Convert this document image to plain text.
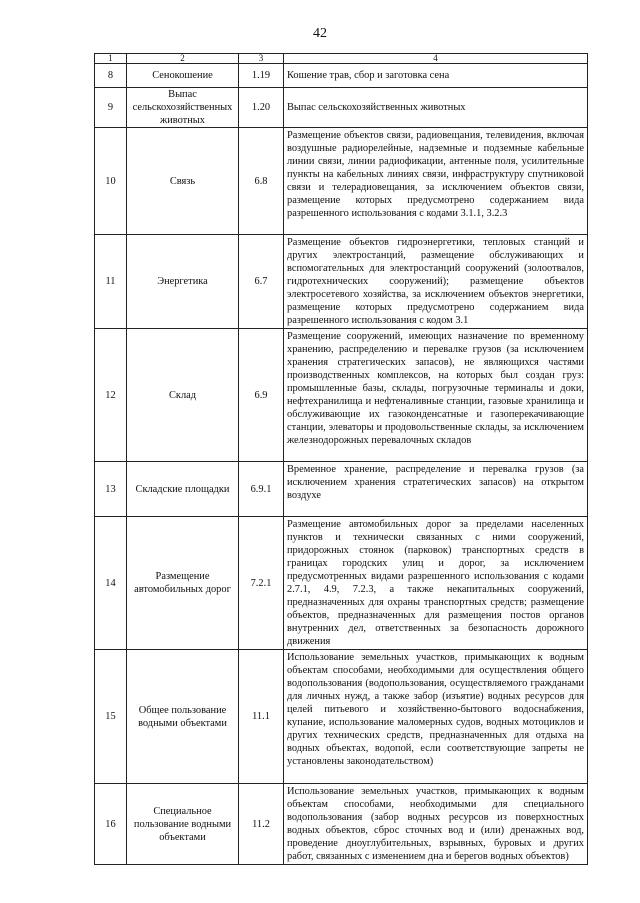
42
1	2	3	4
8	Сенокошение	1.19	Кошение трав, сбор и заготовка сена
9	Выпас сельскохозяйственных животных	1.20	Выпас сельскохозяйственных животных
10	Связь	6.8	Размещение объектов связи, радиовещания, телевидения, включая воздушные радиорелейные, надземные и подземные кабельные линии связи, линии радиофикации, антенные поля, усилительные пункты на кабельных линиях связи, инфраструктуру спутниковой связи и телерадиовещания, за исключением объектов связи, размещение которых предусмотрено содержанием вида разрешенного использования с кодами 3.1.1, 3.2.3
11	Энергетика	6.7	Размещение объектов гидроэнергетики, тепловых станций и других электростанций, размещение обслуживающих и вспомогательных для электростанций сооружений (золоотвалов, гидротехнических сооружений); размещение объектов электросетевого хозяйства, за исключением объектов энергетики, размещение которых предусмотрено содержанием вида разрешенного использования с кодом 3.1
12	Склад	6.9	Размещение сооружений, имеющих назначение по временному хранению, распределению и перевалке грузов (за исключением хранения стратегических запасов), не являющихся частями производственных комплексов, на которых был создан груз: промышленные базы, склады, погрузочные терминалы и доки, нефтехранилища и нефтеналивные станции, газовые хранилища и обслуживающие их газоконденсатные и газоперекачивающие станции, элеваторы и продовольственные склады, за исключением железнодорожных перевалочных складов
13	Складские площадки	6.9.1	Временное хранение, распределение и перевалка грузов (за исключением хранения стратегических запасов) на открытом воздухе
14	Размещение автомобильных дорог	7.2.1	Размещение автомобильных дорог за пределами населенных пунктов и технически связанных с ними сооружений, придорожных стоянок (парковок) транспортных средств в границах городских улиц и дорог, за исключением предусмотренных видами разрешенного использования с кодами 2.7.1, 4.9, 7.2.3, а также некапитальных сооружений, предназначенных для охраны транспортных средств; размещение объектов, предназначенных для размещения постов органов внутренних дел, ответственных за безопасность дорожного движения
15	Общее пользование водными объектами	11.1	Использование земельных участков, примыкающих к водным объектам способами, необходимыми для осуществления общего водопользования (водопользования, осуществляемого гражданами для личных нужд, а также забор (изъятие) водных ресурсов для целей питьевого и хозяйственно-бытового водоснабжения, купание, использование маломерных судов, водных мотоциклов и других технических средств, предназначенных для отдыха на водных объектах, водопой, если соответствующие запреты не установлены законодательством)
16	Специальное пользование водными объектами	11.2	Использование земельных участков, примыкающих к водным объектам способами, необходимыми для специального водопользования (забор водных ресурсов из поверхностных водных объектов, сброс сточных вод и (или) дренажных вод, проведение дноуглубительных, взрывных, буровых и других работ, связанных с изменением дна и берегов водных объектов)
